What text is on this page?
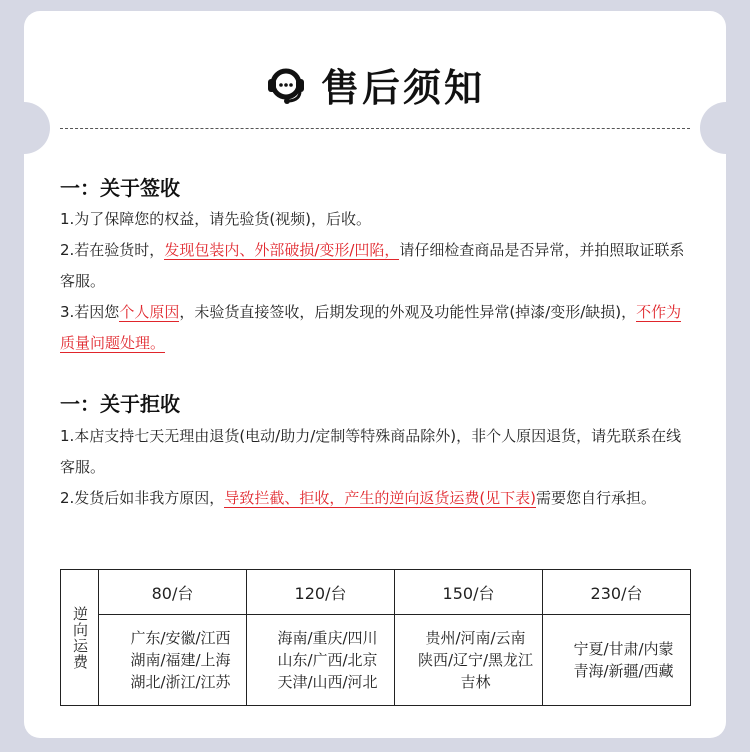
售后须知
一：关于签收
1.为了保障您的权益，请先验货(视频)，后收。
2.若在验货时，发现包装内、外部破损/变形/凹陷，请仔细检查商品是否异常，并拍照取证联系客服。
3.若因您个人原因，未验货直接签收，后期发现的外观及功能性异常(掉漆/变形/缺损)，不作为质量问题处理。
一：关于拒收
1.本店支持七天无理由退货(电动/助力/定制等特殊商品除外)，非个人原因退货，请先联系在线客服。
2.发货后如非我方原因，导致拦截、拒收，产生的逆向返货运费(见下表)需要您自行承担。
逆向运费	80/台	120/台	150/台	230/台
	广东/安徽/江西
湖南/福建/上海
湖北/浙江/江苏	海南/重庆/四川
山东/广西/北京
天津/山西/河北	贵州/河南/云南
陕西/辽宁/黑龙江
吉林	宁夏/甘肃/内蒙
青海/新疆/西藏
